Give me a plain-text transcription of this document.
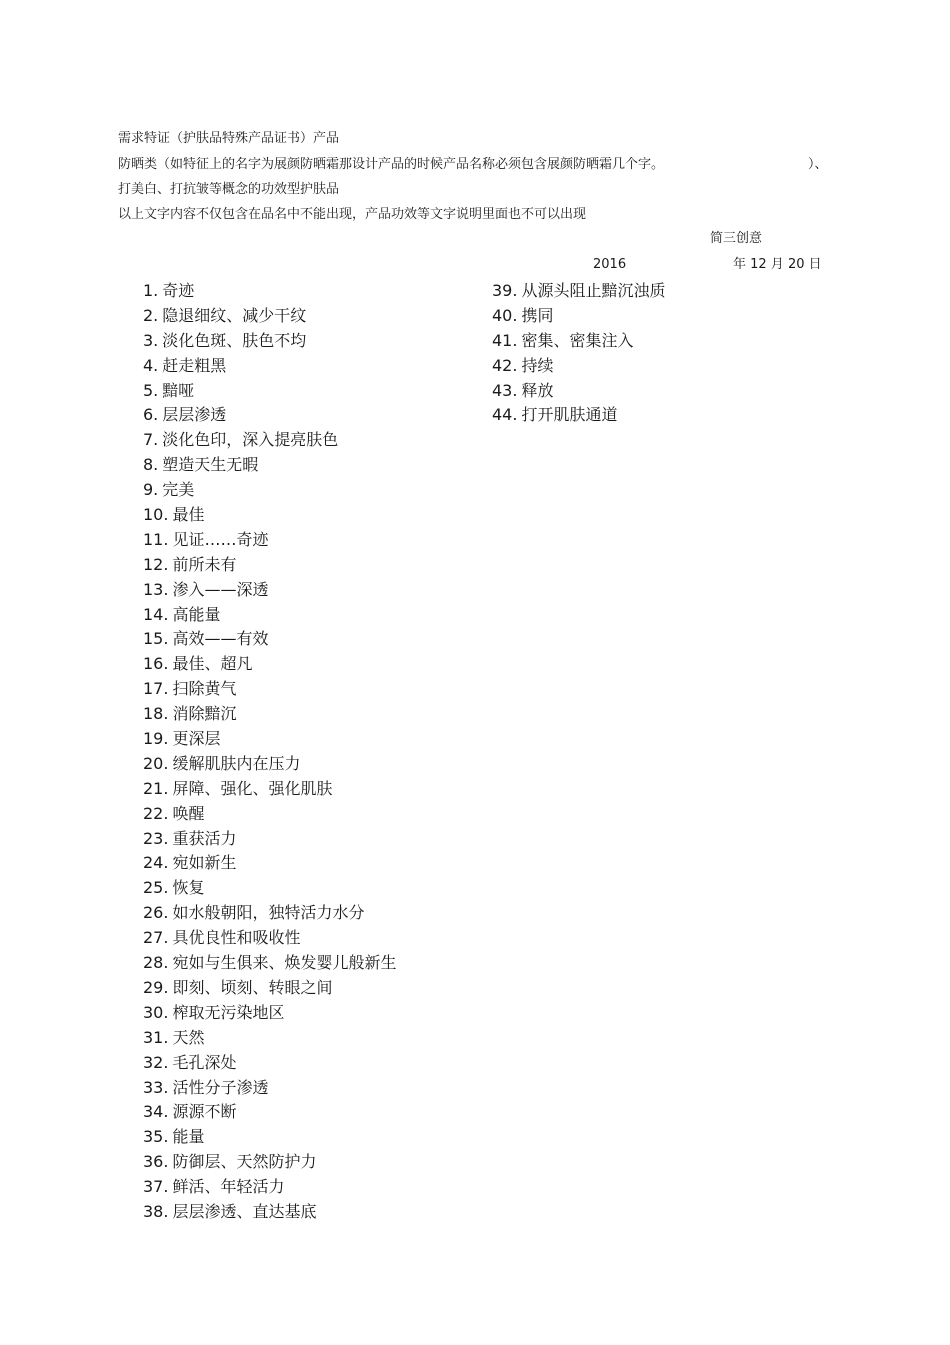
需求特证（护肤品特殊产品证书）产品
防晒类（如特征上的名字为展颜防晒霜那设计产品的时候产品名称必须包含展颜防晒霜几个字。	）、
打美白、打抗皱等概念的功效型护肤品
以上文字内容不仅包含在品名中不能出现，产品功效等文字说明里面也不可以出现
简三创意
2016	年 12 月 20 日
1. 奇迹
2. 隐退细纹、减少干纹
3. 淡化色斑、肤色不均
4. 赶走粗黑
5. 黯哑
6. 层层渗透
7. 淡化色印，深入提亮肤色
8. 塑造天生无暇
9. 完美
10. 最佳
11. 见证……奇迹
12. 前所未有
13. 渗入——深透
14. 高能量
15. 高效——有效
16. 最佳、超凡
17. 扫除黄气
18. 消除黯沉
19. 更深层
20. 缓解肌肤内在压力
21. 屏障、强化、强化肌肤
22. 唤醒
23. 重获活力
24. 宛如新生
25. 恢复
26. 如水般朝阳，独特活力水分
27. 具优良性和吸收性
28. 宛如与生俱来、焕发婴儿般新生
29. 即刻、顷刻、转眼之间
30. 榨取无污染地区
31. 天然
32. 毛孔深处
33. 活性分子渗透
34. 源源不断
35. 能量
36. 防御层、天然防护力
37. 鲜活、年轻活力
38. 层层渗透、直达基底
39. 从源头阻止黯沉浊质
40. 携同
41. 密集、密集注入
42. 持续
43. 释放
44. 打开肌肤通道
